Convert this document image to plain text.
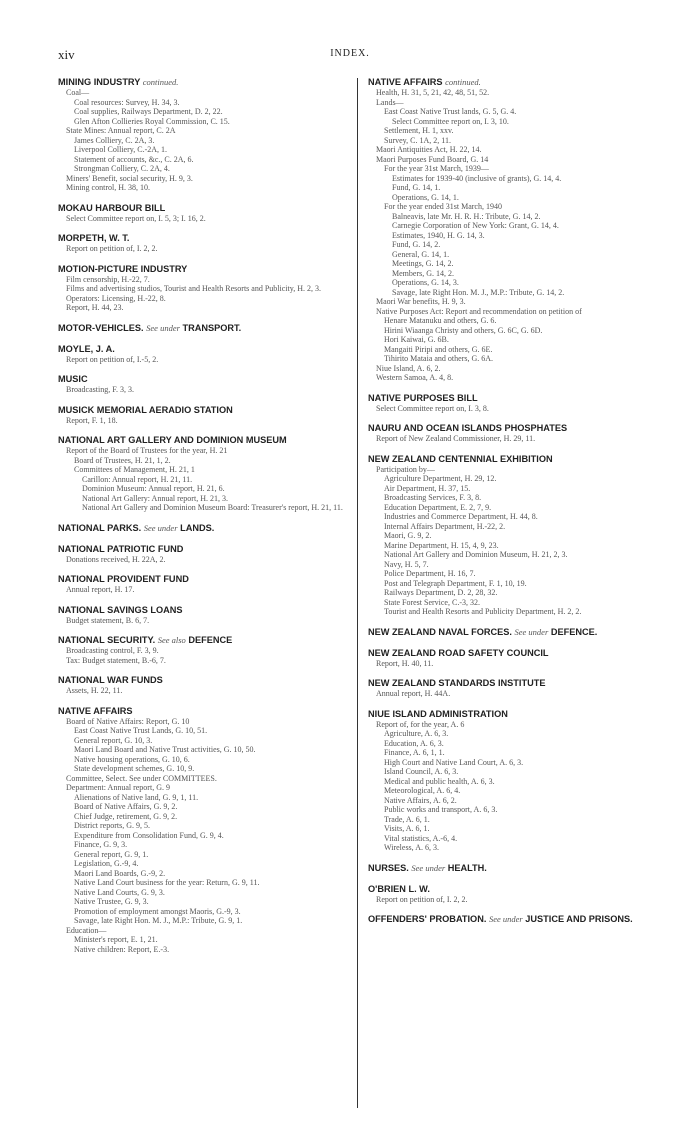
xiv	INDEX.
MINING INDUSTRY continued.
Coal—
Coal resources: Survey, H. 34, 3.
Coal supplies, Railways Department, D. 2, 22.
Glen Afton Collieries Royal Commission, C. 15.
State Mines: Annual report, C. 2A
James Colliery, C. 2A, 3.
Liverpool Colliery, C.-2A, 1.
Statement of accounts, &c., C. 2A, 6.
Strongman Colliery, C. 2A, 4.
Miners' Benefit, social security, H. 9, 3.
Mining control, H. 38, 10.
MOKAU HARBOUR BILL
Select Committee report on, I. 5, 3; I. 16, 2.
MORPETH, W. T.
Report on petition of, I. 2, 2.
MOTION-PICTURE INDUSTRY
Film censorship, H.-22, 7.
Films and advertising studios, Tourist and Health Resorts and Publicity, H. 2, 3.
Operators: Licensing, H.-22, 8.
Report, H. 44, 23.
MOTOR-VEHICLES. See under TRANSPORT.
MOYLE, J. A.
Report on petition of, I.-5, 2.
MUSIC
Broadcasting, F. 3, 3.
MUSICK MEMORIAL AERADIO STATION
Report, F. 1, 18.
NATIONAL ART GALLERY AND DOMINION MUSEUM
Report of the Board of Trustees for the year, H. 21
Board of Trustees, H. 21, 1, 2.
Committees of Management, H. 21, 1
Carillon: Annual report, H. 21, 11.
Dominion Museum: Annual report, H. 21, 6.
National Art Gallery: Annual report, H. 21, 3.
National Art Gallery and Dominion Museum Board: Treasurer's report, H. 21, 11.
NATIONAL PARKS. See under LANDS.
NATIONAL PATRIOTIC FUND
Donations received, H. 22A, 2.
NATIONAL PROVIDENT FUND
Annual report, H. 17.
NATIONAL SAVINGS LOANS
Budget statement, B. 6, 7.
NATIONAL SECURITY. See also DEFENCE
Broadcasting control, F. 3, 9.
Tax: Budget statement, B.-6, 7.
NATIONAL WAR FUNDS
Assets, H. 22, 11.
NATIVE AFFAIRS
Board of Native Affairs: Report, G. 10
East Coast Native Trust Lands, G. 10, 51.
General report, G. 10, 3.
Maori Land Board and Native Trust activities, G. 10, 50.
Native housing operations, G. 10, 6.
State development schemes, G. 10, 9.
Committee, Select. See under COMMITTEES.
Department: Annual report, G. 9
Alienations of Native land, G. 9, 1, 11.
Board of Native Affairs, G. 9, 2.
Chief Judge, retirement, G. 9, 2.
District reports, G. 9, 5.
Expenditure from Consolidation Fund, G. 9, 4.
Finance, G. 9, 3.
General report, G. 9, 1.
Legislation, G.-9, 4.
Maori Land Boards, G.-9, 2.
Native Land Court business for the year: Return, G. 9, 11.
Native Land Courts, G. 9, 3.
Native Trustee, G. 9, 3.
Promotion of employment amongst Maoris, G.-9, 3.
Savage, late Right Hon. M. J., M.P.: Tribute, G. 9, 1.
Education—
Minister's report, E. 1, 21.
Native children: Report, E.-3.
NATIVE AFFAIRS continued.
Health, H. 31, 5, 21, 42, 48, 51, 52.
Lands—
East Coast Native Trust lands, G. 5, G. 4.
Select Committee report on, I. 3, 10.
Settlement, H. 1, xxv.
Survey, C. 1A, 2, 11.
Maori Antiquities Act, H. 22, 14.
Maori Purposes Fund Board, G. 14
For the year 31st March, 1939—
Estimates for 1939-40 (inclusive of grants), G. 14, 4.
Fund, G. 14, 1.
Operations, G. 14, 1.
For the year ended 31st March, 1940
Balneavis, late Mr. H. R. H.: Tribute, G. 14, 2.
Carnegie Corporation of New York: Grant, G. 14, 4.
Estimates, 1940, H. G. 14, 3.
Fund, G. 14, 2.
General, G. 14, 1.
Meetings, G. 14, 2.
Members, G. 14, 2.
Operations, G. 14, 3.
Savage, late Right Hon. M. J., M.P.: Tribute, G. 14, 2.
Maori War benefits, H. 9, 3.
Native Purposes Act: Report and recommendation on petition of
Henare Matanuku and others, G. 6.
Hirini Wiaanga Christy and others, G. 6C, G. 6D.
Hori Kaiwai, G. 6B.
Mangaiti Piripi and others, G. 6E.
Tihirito Mataia and others, G. 6A.
Niue Island, A. 6, 2.
Western Samoa, A. 4, 8.
NATIVE PURPOSES BILL
Select Committee report on, I. 3, 8.
NAURU AND OCEAN ISLANDS PHOSPHATES
Report of New Zealand Commissioner, H. 29, 11.
NEW ZEALAND CENTENNIAL EXHIBITION
Participation by—
Agriculture Department, H. 29, 12.
Air Department, H. 37, 15.
Broadcasting Services, F. 3, 8.
Education Department, E. 2, 7, 9.
Industries and Commerce Department, H. 44, 8.
Internal Affairs Department, H.-22, 2.
Maori, G. 9, 2.
Marine Department, H. 15, 4, 9, 23.
National Art Gallery and Dominion Museum, H. 21, 2, 3.
Navy, H. 5, 7.
Police Department, H. 16, 7.
Post and Telegraph Department, F. 1, 10, 19.
Railways Department, D. 2, 28, 32.
State Forest Service, C.-3, 32.
Tourist and Health Resorts and Publicity Department, H. 2, 2.
NEW ZEALAND NAVAL FORCES. See under DEFENCE.
NEW ZEALAND ROAD SAFETY COUNCIL
Report, H. 40, 11.
NEW ZEALAND STANDARDS INSTITUTE
Annual report, H. 44A.
NIUE ISLAND ADMINISTRATION
Report of, for the year, A. 6
Agriculture, A. 6, 3.
Education, A. 6, 3.
Finance, A. 6, 1, 1.
High Court and Native Land Court, A. 6, 3.
Island Council, A. 6, 3.
Medical and public health, A. 6, 3.
Meteorological, A. 6, 4.
Native Affairs, A. 6, 2.
Public works and transport, A. 6, 3.
Trade, A. 6, 1.
Visits, A. 6, 1.
Vital statistics, A.-6, 4.
Wireless, A. 6, 3.
NURSES. See under HEALTH.
O'BRIEN L. W.
Report on petition of, I. 2, 2.
OFFENDERS' PROBATION. See under JUSTICE AND PRISONS.
